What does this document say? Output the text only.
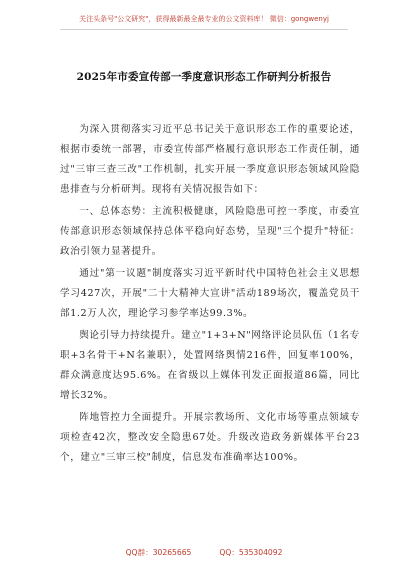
关注头条号"公文研究"，获得最新最全最专业的公文资料库！ 微信：gongwenyj
2025年市委宣传部一季度意识形态工作研判分析报告

为深入贯彻落实习近平总书记关于意识形态工作的重要论述，根据市委统一部署，市委宣传部严格履行意识形态工作责任制，通过"三审三查三改"工作机制，扎实开展一季度意识形态领域风险隐患排查与分析研判。现将有关情况报告如下：

一、总体态势：主流积极健康，风险隐患可控一季度，市委宣传部意识形态领域保持总体平稳向好态势，呈现"三个提升"特征：政治引领力显著提升。

通过"第一议题"制度落实习近平新时代中国特色社会主义思想学习427次，开展"二十大精神大宣讲"活动189场次，覆盖党员干部1.2万人次，理论学习参学率达99.3%。

舆论引导力持续提升。建立"1+3+N"网络评论员队伍（1名专职+3名骨干+N名兼职），处置网络舆情216件，回复率100%，群众满意度达95.6%。在省级以上媒体刊发正面报道86篇，同比增长32%。

阵地管控力全面提升。开展宗教场所、文化市场等重点领域专项检查42次，整改安全隐患67处。升级改造政务新媒体平台23个，建立"三审三校"制度，信息发布准确率达100%。

QQ群：30265665	QQ：535304092
